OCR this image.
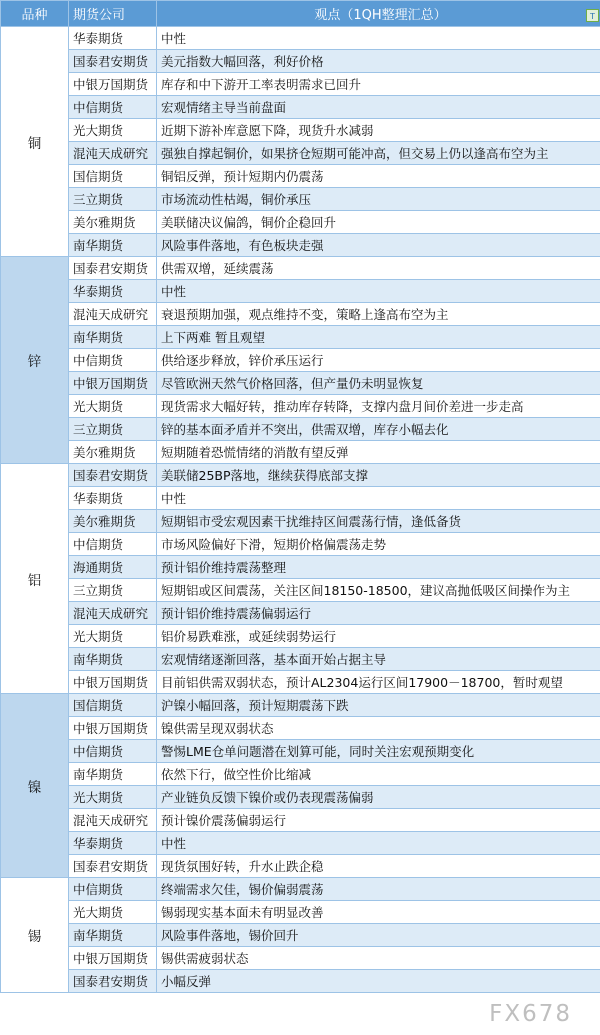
品种	期货公司	观点（1QH整理汇总） T

铜	华泰期货	中性
	国泰君安期货	美元指数大幅回落，利好价格
	中银万国期货	库存和中下游开工率表明需求已回升
	中信期货	宏观情绪主导当前盘面
	光大期货	近期下游补库意愿下降，现货升水减弱
	混沌天成研究	强独自撑起铜价，如果挤仓短期可能冲高，但交易上仍以逢高布空为主
	国信期货	铜铝反弹，预计短期内仍震荡
	三立期货	市场流动性枯竭，铜价承压
	美尔雅期货	美联储决议偏鸽，铜价企稳回升
	南华期货	风险事件落地，有色板块走强
锌	国泰君安期货	供需双增，延续震荡
	华泰期货	中性
	混沌天成研究	衰退预期加强，观点维持不变，策略上逢高布空为主
	南华期货	上下两难 暂且观望
	中信期货	供给逐步释放，锌价承压运行
	中银万国期货	尽管欧洲天然气价格回落，但产量仍未明显恢复
	光大期货	现货需求大幅好转，推动库存转降，支撑内盘月间价差进一步走高
	三立期货	锌的基本面矛盾并不突出，供需双增，库存小幅去化
	美尔雅期货	短期随着恐慌情绪的消散有望反弹
铝	国泰君安期货	美联储25BP落地，继续获得底部支撑
	华泰期货	中性
	美尔雅期货	短期铝市受宏观因素干扰维持区间震荡行情，逢低备货
	中信期货	市场风险偏好下滑，短期价格偏震荡走势
	海通期货	预计铝价维持震荡整理
	三立期货	短期铝或区间震荡，关注区间18150-18500，建议高抛低吸区间操作为主
	混沌天成研究	预计铝价维持震荡偏弱运行
	光大期货	铝价易跌难涨，或延续弱势运行
	南华期货	宏观情绪逐渐回落，基本面开始占据主导
	中银万国期货	目前铝供需双弱状态，预计AL2304运行区间17900－18700，暂时观望
镍	国信期货	沪镍小幅回落，预计短期震荡下跌
	中银万国期货	镍供需呈现双弱状态
	中信期货	警惕LME仓单问题潜在划算可能，同时关注宏观预期变化
	南华期货	依然下行，做空性价比缩减
	光大期货	产业链负反馈下镍价或仍表现震荡偏弱
	混沌天成研究	预计镍价震荡偏弱运行
	华泰期货	中性
	国泰君安期货	现货氛围好转，升水止跌企稳
锡	中信期货	终端需求欠佳，锡价偏弱震荡
	光大期货	锡弱现实基本面未有明显改善
	南华期货	风险事件落地，锡价回升
	中银万国期货	锡供需疲弱状态
	国泰君安期货	小幅反弹
FX678
